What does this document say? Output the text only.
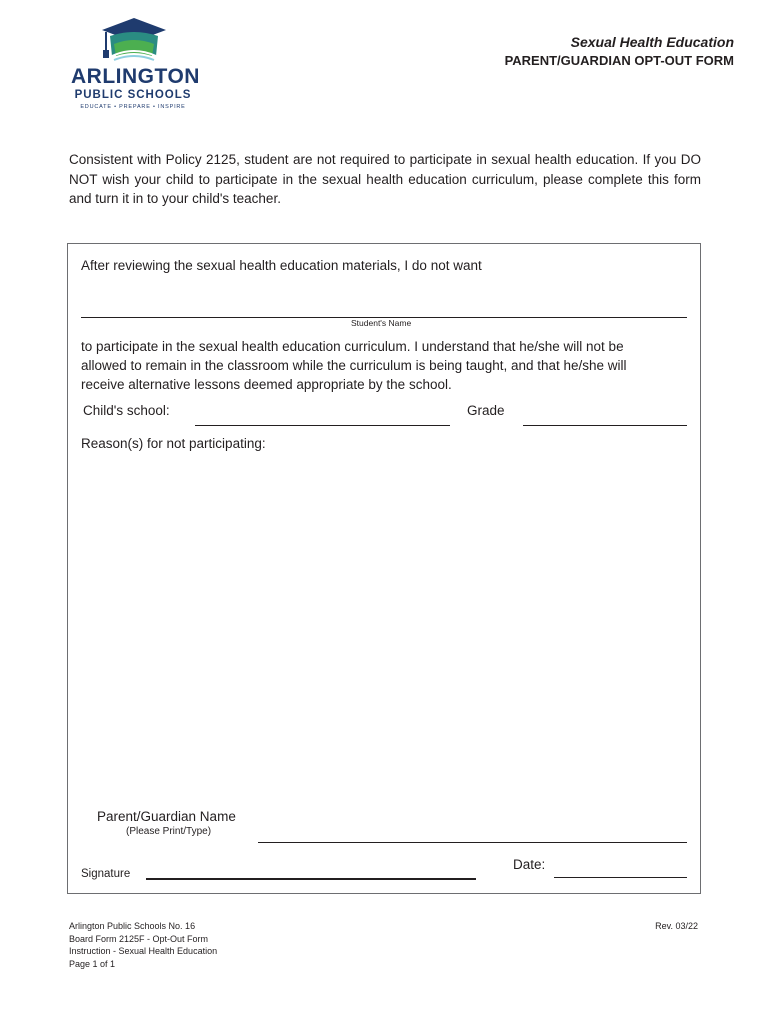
ARLINGTON
PUBLIC SCHOOLS
EDUCATE • PREPARE • INSPIRE
Sexual Health Education
PARENT/GUARDIAN OPT-OUT FORM
Consistent with Policy 2125, student are not required to participate in sexual health education. If you DO NOT wish your child to participate in the sexual health education curriculum, please complete this form and turn it in to your child's teacher.
After reviewing the sexual health education materials, I do not want
Student's Name
to participate in the sexual health education curriculum. I understand that he/she will not be
allowed to remain in the classroom while the curriculum is being taught, and that he/she will
receive alternative lessons deemed appropriate by the school.
Child's school:	Grade
Reason(s) for not participating:
Parent/Guardian Name
(Please Print/Type)
Date:
Signature
Arlington Public Schools No. 16
Board Form 2125F - Opt-Out Form
Instruction - Sexual Health Education
Page 1 of 1
Rev. 03/22
